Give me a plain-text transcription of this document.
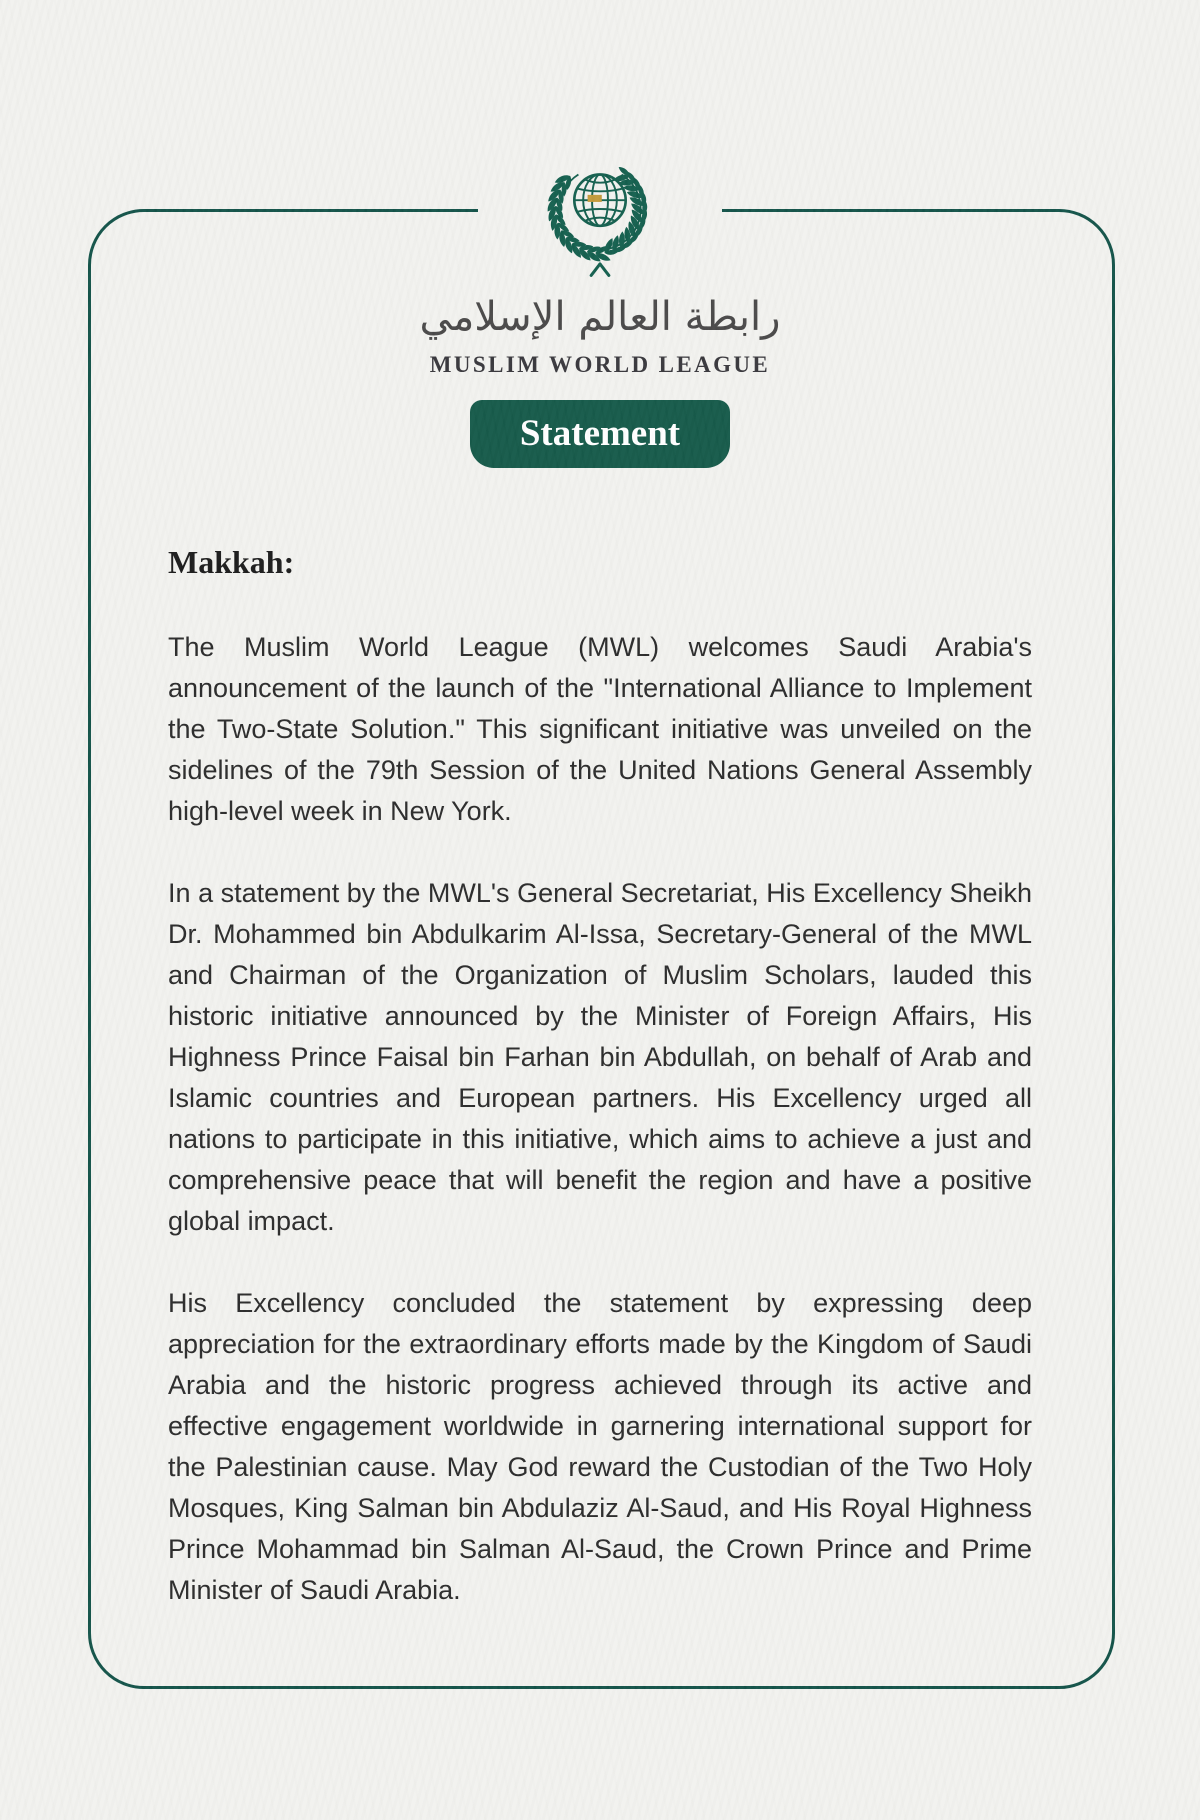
رابطة العالم الإسلامي
MUSLIM WORLD LEAGUE
Statement
Makkah:

The Muslim World League (MWL) welcomes Saudi Arabia's announcement of the launch of the "International Alliance to Implement the Two-State Solution." This significant initiative was unveiled on the sidelines of the 79th Session of the United Nations General Assembly high-level week in New York.

In a statement by the MWL's General Secretariat, His Excellency Sheikh Dr. Mohammed bin Abdulkarim Al-Issa, Secretary-General of the MWL and Chairman of the Organization of Muslim Scholars, lauded this historic initiative announced by the Minister of Foreign Affairs, His Highness Prince Faisal bin Farhan bin Abdullah, on behalf of Arab and Islamic countries and European partners. His Excellency urged all nations to participate in this initiative, which aims to achieve a just and comprehensive peace that will benefit the region and have a positive global impact.

His Excellency concluded the statement by expressing deep appreciation for the extraordinary efforts made by the Kingdom of Saudi Arabia and the historic progress achieved through its active and effective engagement worldwide in garnering international support for the Palestinian cause. May God reward the Custodian of the Two Holy Mosques, King Salman bin Abdulaziz Al-Saud, and His Royal Highness Prince Mohammad bin Salman Al-Saud, the Crown Prince and Prime Minister of Saudi Arabia.
